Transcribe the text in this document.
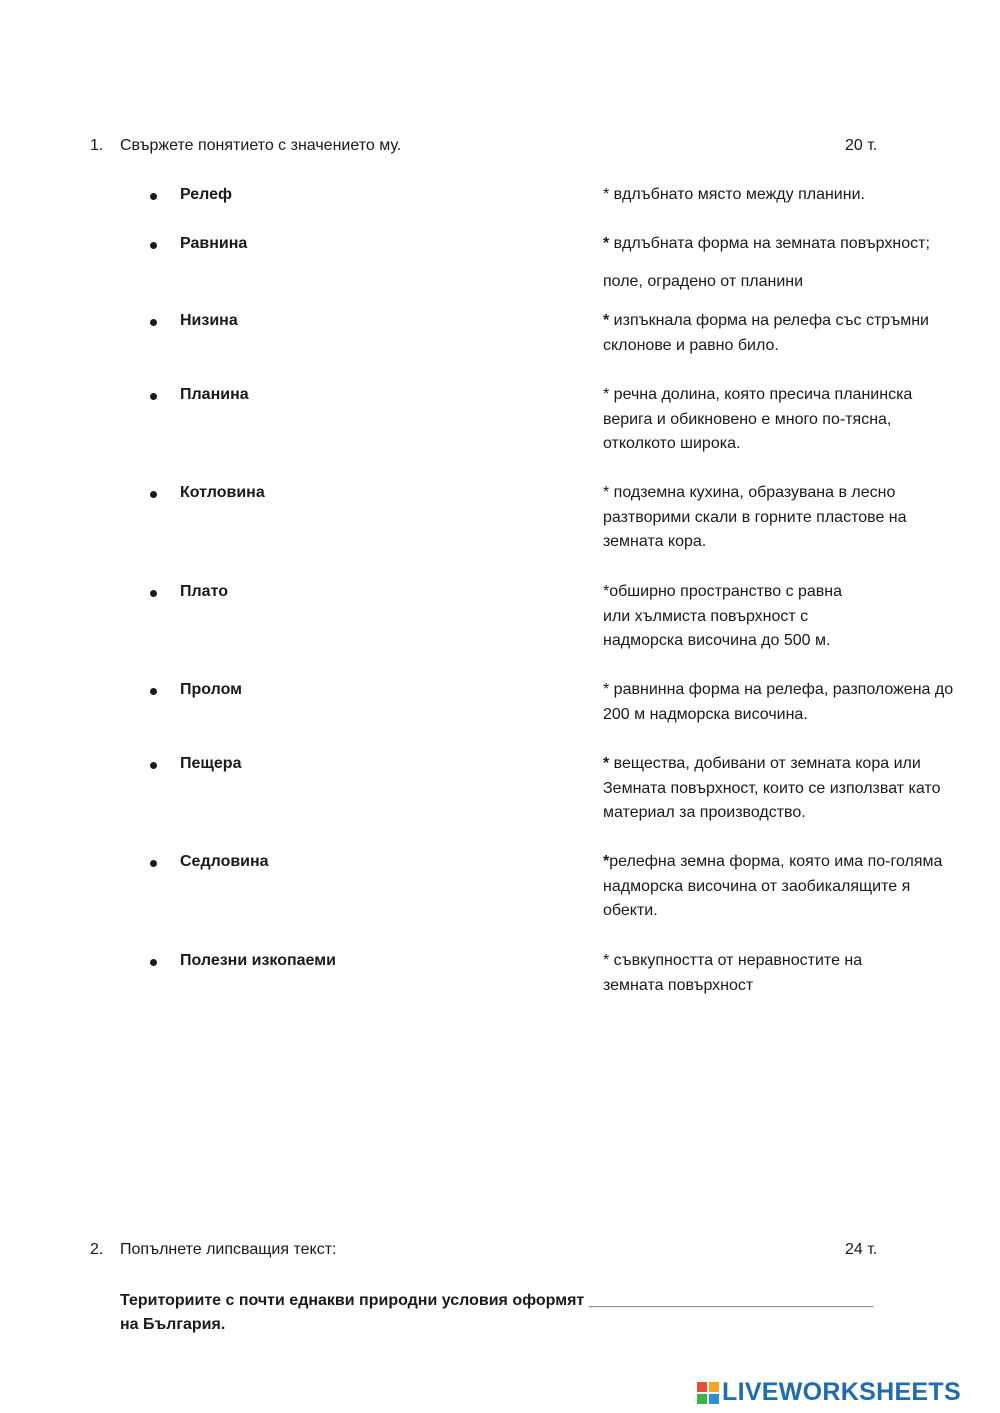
1. Свържете понятието с значението му.	20 т.
Релеф
Равнина
Низина
Планина
Котловина
Плато
Пролом
Пещера
Седловина
Полезни изкопаеми
* вдлъбнато място между планини.
* вдлъбната форма на земната повърхност;
поле, оградено от планини
* изпъкнала форма на релефа със стръмни
склонове и равно било.
* речна долина, която пресича планинска
верига и обикновено е много по-тясна,
отколкото широка.
* подземна кухина, образувана в лесно
разтворими скали в горните пластове на
земната кора.
*обширно пространство с равна
или хълмиста повърхност с
надморска височина до 500 м.
* равнинна форма на релефа, разположена до
200 м надморска височина.
* вещества, добивани от земната кора или
Земната повърхност, които се използват като
материал за производство.
*релефна земна форма, която има по-голяма
надморска височина от заобикалящите я
обекти.
* съвкупността от неравностите на
земната повърхност
2. Попълнете липсващия текст:	24 т.
Териториите с почти еднакви природни условия оформят ________________________________
на България.
LIVEWORKSHEETS
